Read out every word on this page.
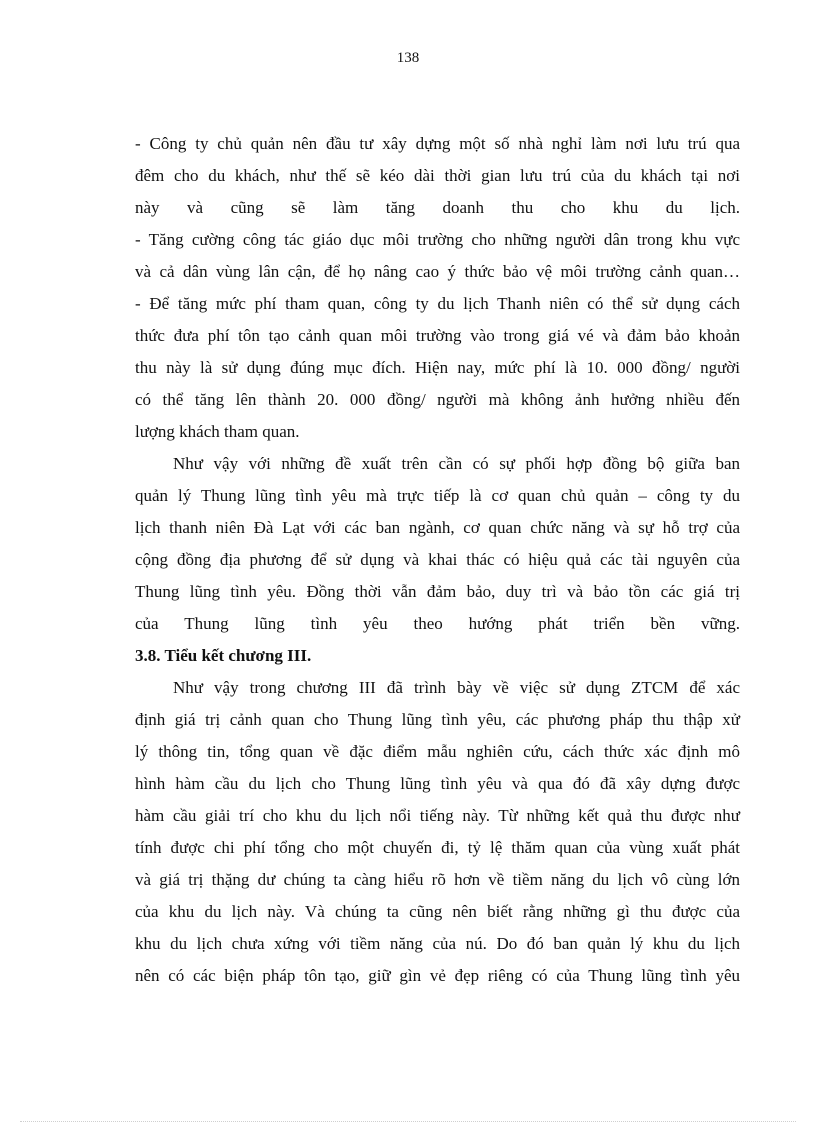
138
- Công ty chủ quản nên đầu tư xây dựng một số nhà nghỉ làm nơi lưu trú qua
đêm cho du khách, như thế sẽ kéo dài thời gian lưu trú của du khách tại nơi
này và cũng sẽ làm tăng doanh thu cho khu du lịch.
- Tăng cường công tác giáo dục môi trường cho những người dân trong khu vực
và cả dân vùng lân cận, để họ nâng cao ý thức bảo vệ môi trường cảnh quan…
- Để tăng mức phí tham quan, công ty du lịch Thanh niên có thể sử dụng cách
thức đưa phí tôn tạo cảnh quan môi trường vào trong giá vé và đảm bảo khoản
thu này là sử dụng đúng mục đích. Hiện nay, mức phí là 10. 000 đồng/ người
có thể tăng lên thành 20. 000 đồng/ người mà không ảnh hưởng nhiều đến
lượng khách tham quan.
Như vậy với những đề xuất trên cần có sự phối hợp đồng bộ giữa ban
quản lý Thung lũng tình yêu mà trực tiếp là cơ quan chủ quản – công ty du
lịch thanh niên Đà Lạt với các ban ngành, cơ quan chức năng và sự hỗ trợ của
cộng đồng địa phương để sử dụng và khai thác có hiệu quả các tài nguyên của
Thung lũng tình yêu. Đồng thời vẫn đảm bảo, duy trì và bảo tồn các giá trị
của Thung lũng tình yêu theo hướng phát triển bền vững.
3.8. Tiểu kết chương III.
Như vậy trong chương III đã trình bày về việc sử dụng ZTCM để xác
định giá trị cảnh quan cho Thung lũng tình yêu, các phương pháp thu thập xử
lý thông tin, tổng quan về đặc điểm mẫu nghiên cứu, cách thức xác định mô
hình hàm cầu du lịch cho Thung lũng tình yêu và qua đó đã xây dựng được
hàm cầu giải trí cho khu du lịch nổi tiếng này. Từ những kết quả thu được như
tính được chi phí tổng cho một chuyến đi, tỷ lệ thăm quan của vùng xuất phát
và giá trị thặng dư chúng ta càng hiểu rõ hơn về tiềm năng du lịch vô cùng lớn
của khu du lịch này. Và chúng ta cũng nên biết rằng những gì thu được của
khu du lịch chưa xứng với tiềm năng của nú. Do đó ban quản lý khu du lịch
nên có các biện pháp tôn tạo, giữ gìn vẻ đẹp riêng có của Thung lũng tình yêu
